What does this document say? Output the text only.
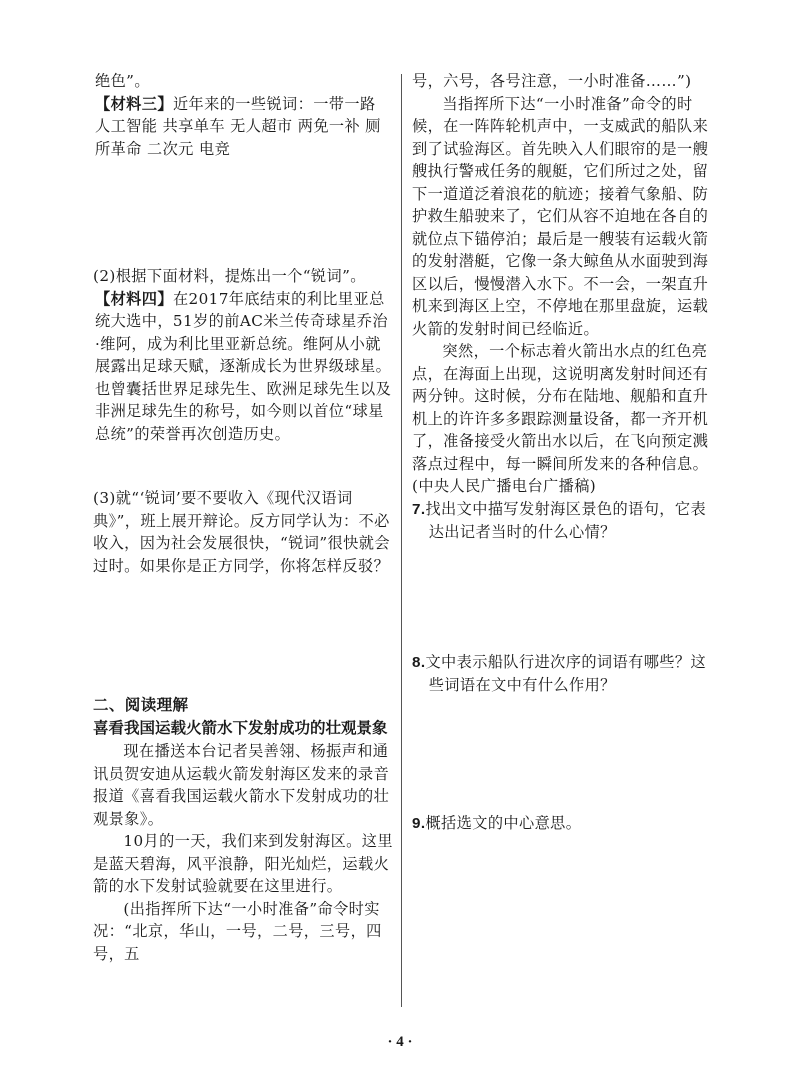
绝色”。

【材料三】近年来的一些锐词：一带一路 人工智能 共享单车 无人超市 两免一补 厕所革命 二次元 电竞

(2)根据下面材料，提炼出一个“锐词”。

【材料四】在2017年底结束的利比里亚总统大选中，51岁的前AC米兰传奇球星乔治·维阿，成为利比里亚新总统。维阿从小就展露出足球天赋，逐渐成长为世界级球星。

也曾囊括世界足球先生、欧洲足球先生以及非洲足球先生的称号，如今则以首位“球星总统”的荣誉再次创造历史。

(3)就“‘锐词’要不要收入《现代汉语词典》”，班上展开辩论。反方同学认为：不必收入，因为社会发展很快，“锐词”很快就会过时。如果你是正方同学，你将怎样反驳？

二、阅读理解

喜看我国运载火箭水下发射成功的壮观景象

现在播送本台记者吴善翎、杨振声和通讯员贺安迪从运载火箭发射海区发来的录音报道《喜看我国运载火箭水下发射成功的壮观景象》。

10月的一天，我们来到发射海区。这里是蓝天碧海，风平浪静，阳光灿烂，运载火箭的水下发射试验就要在这里进行。

(出指挥所下达“一小时准备”命令时实况：“北京，华山，一号，二号，三号，四号，五

号，六号，各号注意，一小时准备……”)

当指挥所下达“一小时准备”命令的时候，在一阵阵轮机声中，一支威武的船队来到了试验海区。首先映入人们眼帘的是一艘艘执行警戒任务的舰艇，它们所过之处，留下一道道泛着浪花的航迹；接着气象船、防护救生船驶来了，它们从容不迫地在各自的就位点下锚停泊；最后是一艘装有运载火箭的发射潜艇，它像一条大鲸鱼从水面驶到海区以后，慢慢潜入水下。不一会，一架直升机来到海区上空，不停地在那里盘旋，运载火箭的发射时间已经临近。

突然，一个标志着火箭出水点的红色亮点，在海面上出现，这说明离发射时间还有两分钟。这时候，分布在陆地、舰船和直升机上的许许多多跟踪测量设备，都一齐开机了，准备接受火箭出水以后，在飞向预定溅落点过程中，每一瞬间所发来的各种信息。(中央人民广播电台广播稿)

7.找出文中描写发射海区景色的语句，它表达出记者当时的什么心情？

8.文中表示船队行进次序的词语有哪些？这些词语在文中有什么作用？

9.概括选文的中心意思。

· 4 ·
